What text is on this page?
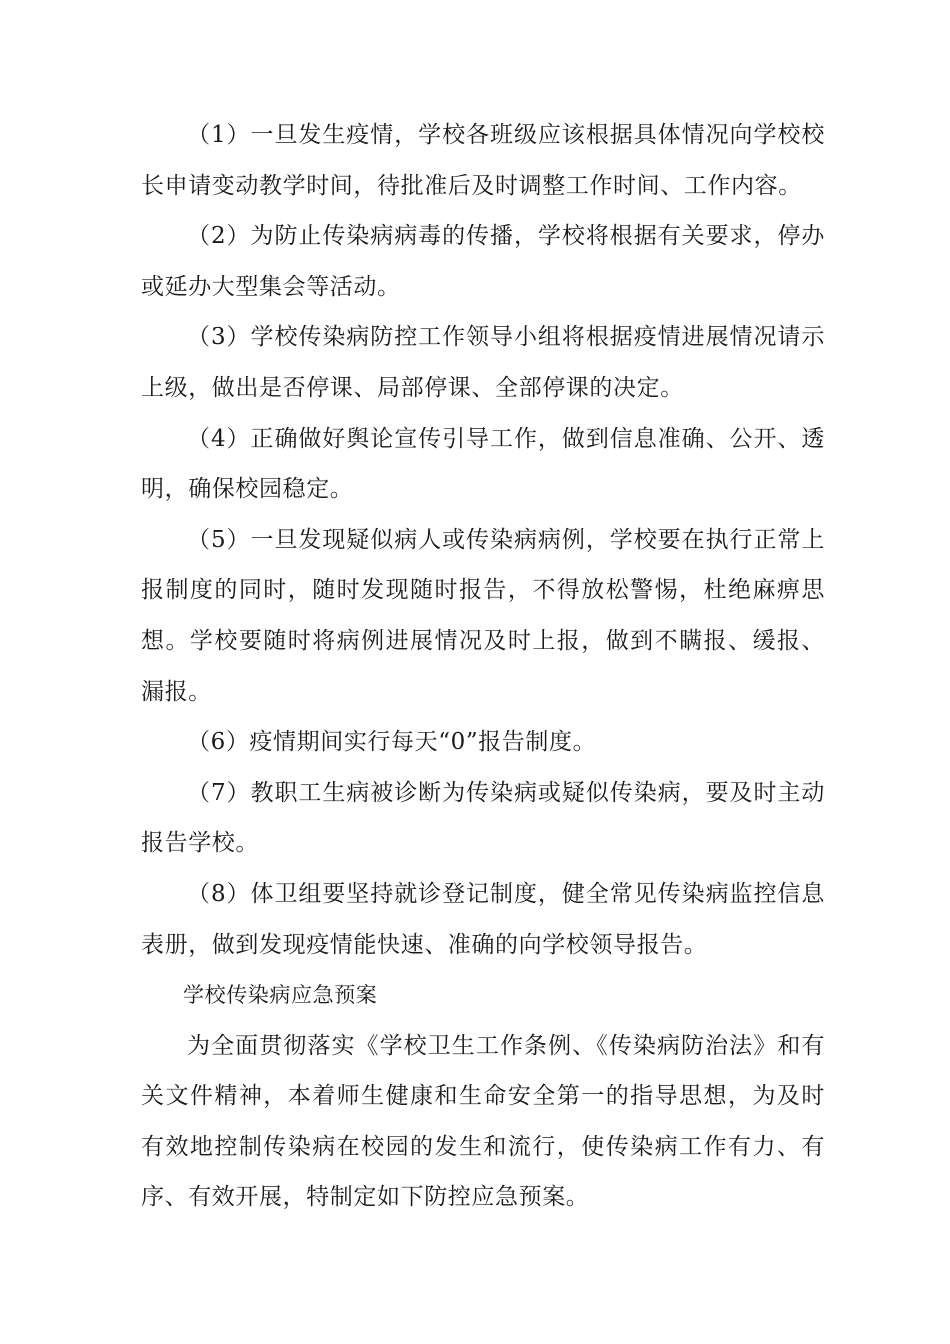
（1）一旦发生疫情，学校各班级应该根据具体情况向学校校长申请变动教学时间，待批准后及时调整工作时间、工作内容。

（2）为防止传染病病毒的传播，学校将根据有关要求，停办或延办大型集会等活动。

（3）学校传染病防控工作领导小组将根据疫情进展情况请示上级，做出是否停课、局部停课、全部停课的决定。

（4）正确做好舆论宣传引导工作，做到信息准确、公开、透明，确保校园稳定。

（5）一旦发现疑似病人或传染病病例，学校要在执行正常上报制度的同时，随时发现随时报告，不得放松警惕，杜绝麻痹思想。学校要随时将病例进展情况及时上报，做到不瞒报、缓报、漏报。

（6）疫情期间实行每天“0”报告制度。

（7）教职工生病被诊断为传染病或疑似传染病，要及时主动报告学校。

（8）体卫组要坚持就诊登记制度，健全常见传染病监控信息表册，做到发现疫情能快速、准确的向学校领导报告。

学校传染病应急预案

为全面贯彻落实《学校卫生工作条例、《传染病防治法》和有关文件精神，本着师生健康和生命安全第一的指导思想，为及时有效地控制传染病在校园的发生和流行，使传染病工作有力、有序、有效开展，特制定如下防控应急预案。
